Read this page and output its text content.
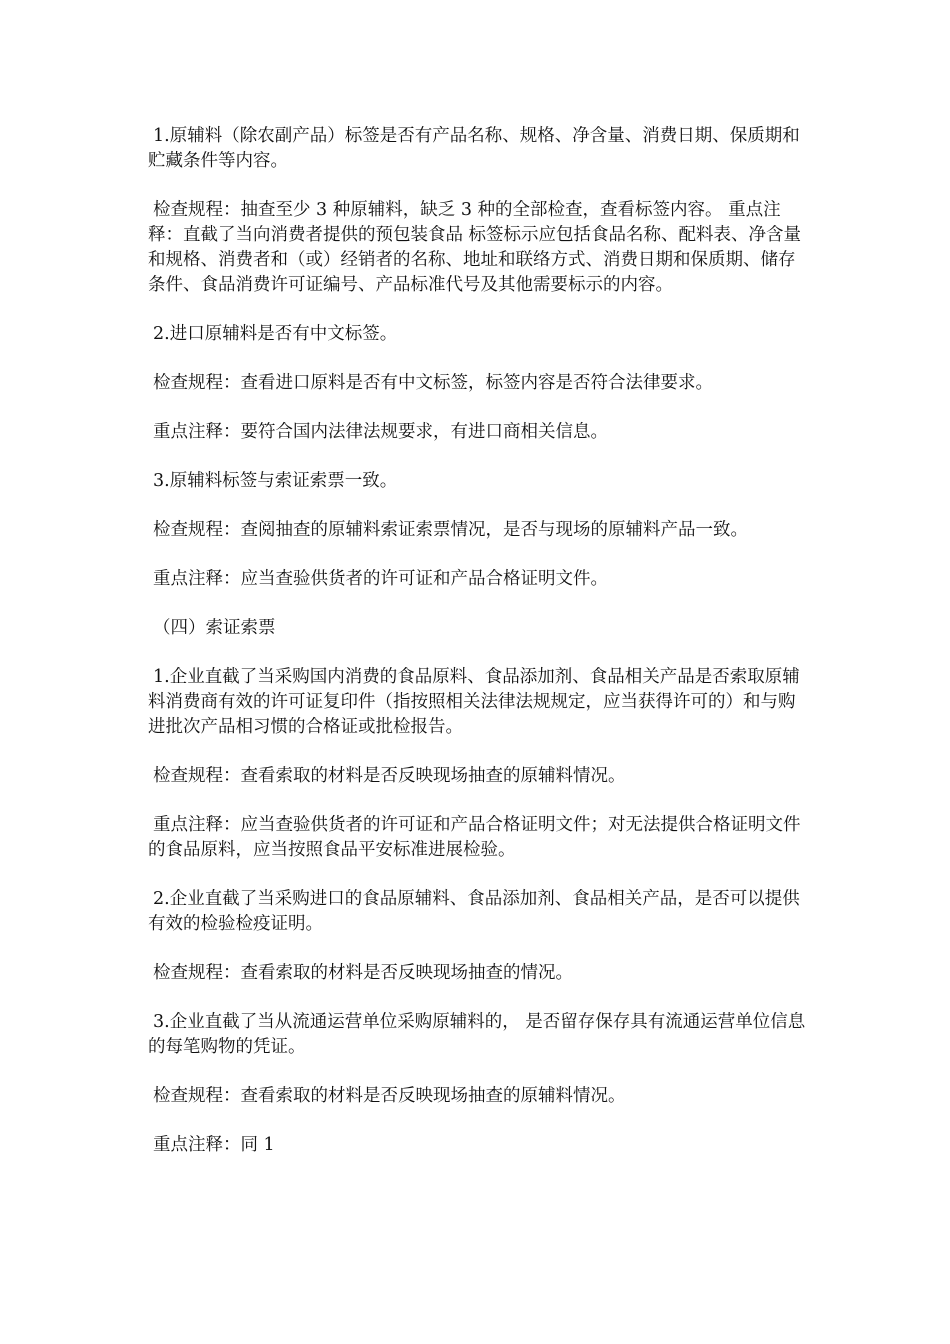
1.原辅料（除农副产品）标签是否有产品名称、规格、净含量、消费日期、保质期和贮藏条件等内容。

检查规程：抽查至少 3 种原辅料，缺乏 3 种的全部检查，查看标签内容。 重点注释：直截了当向消费者提供的预包装食品 标签标示应包括食品名称、配料表、净含量和规格、消费者和（或）经销者的名称、地址和联络方式、消费日期和保质期、储存条件、食品消费许可证编号、产品标准代号及其他需要标示的内容。

2.进口原辅料是否有中文标签。

检查规程：查看进口原料是否有中文标签，标签内容是否符合法律要求。

重点注释：要符合国内法律法规要求，有进口商相关信息。

3.原辅料标签与索证索票一致。

检查规程：查阅抽查的原辅料索证索票情况，是否与现场的原辅料产品一致。

重点注释：应当查验供货者的许可证和产品合格证明文件。

（四）索证索票

1.企业直截了当采购国内消费的食品原料、食品添加剂、食品相关产品是否索取原辅料消费商有效的许可证复印件（指按照相关法律法规规定，应当获得许可的）和与购进批次产品相习惯的合格证或批检报告。

检查规程：查看索取的材料是否反映现场抽查的原辅料情况。

重点注释：应当查验供货者的许可证和产品合格证明文件；对无法提供合格证明文件的食品原料，应当按照食品平安标准进展检验。

2.企业直截了当采购进口的食品原辅料、食品添加剂、食品相关产品，是否可以提供有效的检验检疫证明。

检查规程：查看索取的材料是否反映现场抽查的情况。

3.企业直截了当从流通运营单位采购原辅料的， 是否留存保存具有流通运营单位信息的每笔购物的凭证。

检查规程：查看索取的材料是否反映现场抽查的原辅料情况。

重点注释：同 1
